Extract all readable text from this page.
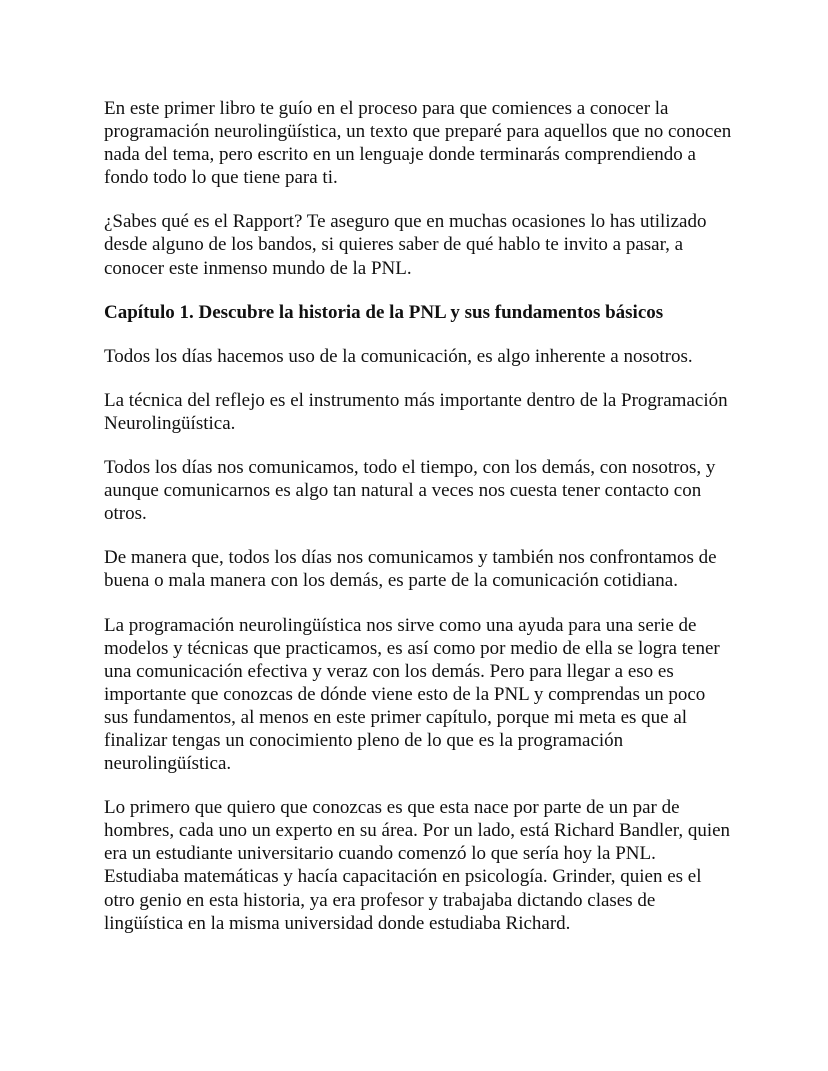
En este primer libro te guío en el proceso para que comiences a conocer la programación neurolingüística, un texto que preparé para aquellos que no conocen nada del tema, pero escrito en un lenguaje donde terminarás comprendiendo a fondo todo lo que tiene para ti.

¿Sabes qué es el Rapport? Te aseguro que en muchas ocasiones lo has utilizado desde alguno de los bandos, si quieres saber de qué hablo te invito a pasar, a conocer este inmenso mundo de la PNL.

Capítulo 1. Descubre la historia de la PNL y sus fundamentos básicos

Todos los días hacemos uso de la comunicación, es algo inherente a nosotros.

La técnica del reflejo es el instrumento más importante dentro de la Programación Neurolingüística.

Todos los días nos comunicamos, todo el tiempo, con los demás, con nosotros, y aunque comunicarnos es algo tan natural a veces nos cuesta tener contacto con otros.

De manera que, todos los días nos comunicamos y también nos confrontamos de buena o mala manera con los demás, es parte de la comunicación cotidiana.

La programación neurolingüística nos sirve como una ayuda para una serie de modelos y técnicas que practicamos, es así como por medio de ella se logra tener una comunicación efectiva y veraz con los demás. Pero para llegar a eso es importante que conozcas de dónde viene esto de la PNL y comprendas un poco sus fundamentos, al menos en este primer capítulo, porque mi meta es que al finalizar tengas un conocimiento pleno de lo que es la programación neurolingüística.

Lo primero que quiero que conozcas es que esta nace por parte de un par de hombres, cada uno un experto en su área. Por un lado, está Richard Bandler, quien era un estudiante universitario cuando comenzó lo que sería hoy la PNL. Estudiaba matemáticas y hacía capacitación en psicología. Grinder, quien es el otro genio en esta historia, ya era profesor y trabajaba dictando clases de lingüística en la misma universidad donde estudiaba Richard.
